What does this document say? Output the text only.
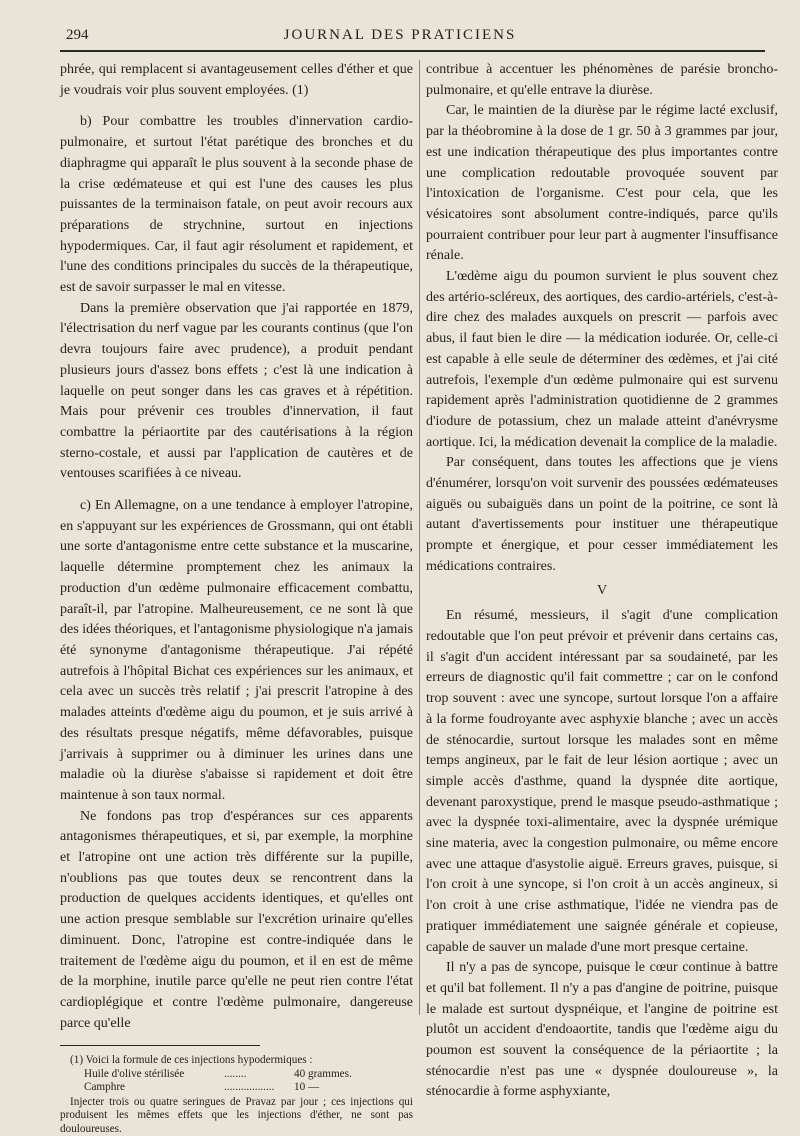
294	JOURNAL DES PRATICIENS

phrée, qui remplacent si avantageusement celles d'éther et que je voudrais voir plus souvent employées. (1)

b) Pour combattre les troubles d'innervation cardio-pulmonaire, et surtout l'état parétique des bronches et du diaphragme qui apparaît le plus souvent à la seconde phase de la crise œdémateuse et qui est l'une des causes les plus puissantes de la terminaison fatale, on peut avoir recours aux préparations de strychnine, surtout en injections hypodermiques. Car, il faut agir résolument et rapidement, et l'une des conditions principales du succès de la thérapeutique, est de savoir surpasser le mal en vitesse.

Dans la première observation que j'ai rapportée en 1879, l'électrisation du nerf vague par les courants continus (que l'on devra toujours faire avec prudence), a produit pendant plusieurs jours d'assez bons effets ; c'est là une indication à laquelle on peut songer dans les cas graves et à répétition. Mais pour prévenir ces troubles d'innervation, il faut combattre la périaortite par des cautérisations à la région sterno-costale, et aussi par l'application de cautères et de ventouses scarifiées à ce niveau.

c) En Allemagne, on a une tendance à employer l'atropine, en s'appuyant sur les expériences de Grossmann, qui ont établi une sorte d'antagonisme entre cette substance et la muscarine, laquelle détermine promptement chez les animaux la production d'un œdème pulmonaire efficacement combattu, paraît-il, par l'atropine. Malheureusement, ce ne sont là que des idées théoriques, et l'antagonisme physiologique n'a jamais été synonyme d'antagonisme thérapeutique. J'ai répété autrefois à l'hôpital Bichat ces expériences sur les animaux, et cela avec un succès très relatif ; j'ai prescrit l'atropine à des malades atteints d'œdème aigu du poumon, et je suis arrivé à des résultats presque négatifs, même défavorables, puisque j'arrivais à supprimer ou à diminuer les urines dans une maladie où la diurèse s'abaisse si rapidement et doit être maintenue à son taux normal.

Ne fondons pas trop d'espérances sur ces apparents antagonismes thérapeutiques, et si, par exemple, la morphine et l'atropine ont une action très différente sur la pupille, n'oublions pas que toutes deux se rencontrent dans la production de quelques accidents identiques, et qu'elles ont une action presque semblable sur l'excrétion urinaire qu'elles diminuent. Donc, l'atropine est contre-indiquée dans le traitement de l'œdème aigu du poumon, et il en est de même de la morphine, inutile parce qu'elle ne peut rien contre l'état cardioplégique et contre l'œdème pulmonaire, dangereuse parce qu'elle

(1) Voici la formule de ces injections hypodermiques :

Huile d'olive stérilisée	........	40 grammes.
Camphre	..................	10 —

Injecter trois ou quatre seringues de Pravaz par jour ; ces injections qui produisent les mêmes effets que les injections d'éther, ne sont pas douloureuses.

contribue à accentuer les phénomènes de parésie broncho-pulmonaire, et qu'elle entrave la diurèse.

Car, le maintien de la diurèse par le régime lacté exclusif, par la théobromine à la dose de 1 gr. 50 à 3 grammes par jour, est une indication thérapeutique des plus importantes contre une complication redoutable provoquée souvent par l'intoxication de l'organisme. C'est pour cela, que les vésicatoires sont absolument contre-indiqués, parce qu'ils pourraient contribuer pour leur part à augmenter l'insuffisance rénale.

L'œdème aigu du poumon survient le plus souvent chez des artério-scléreux, des aortiques, des cardio-artériels, c'est-à-dire chez des malades auxquels on prescrit — parfois avec abus, il faut bien le dire — la médication iodurée. Or, celle-ci est capable à elle seule de déterminer des œdèmes, et j'ai cité autrefois, l'exemple d'un œdème pulmonaire qui est survenu rapidement après l'administration quotidienne de 2 grammes d'iodure de potassium, chez un malade atteint d'anévrysme aortique. Ici, la médication devenait la complice de la maladie.

Par conséquent, dans toutes les affections que je viens d'énumérer, lorsqu'on voit survenir des poussées œdémateuses aiguës ou subaiguës dans un point de la poitrine, ce sont là autant d'avertissements pour instituer une thérapeutique prompte et énergique, et pour cesser immédiatement les médications contraires.

V

En résumé, messieurs, il s'agit d'une complication redoutable que l'on peut prévoir et prévenir dans certains cas, il s'agit d'un accident intéressant par sa soudaineté, par les erreurs de diagnostic qu'il fait commettre ; car on le confond trop souvent : avec une syncope, surtout lorsque l'on a affaire à la forme foudroyante avec asphyxie blanche ; avec un accès de sténocardie, surtout lorsque les malades sont en même temps angineux, par le fait de leur lésion aortique ; avec un simple accès d'asthme, quand la dyspnée dite aortique, devenant paroxystique, prend le masque pseudo-asthmatique ; avec la dyspnée toxi-alimentaire, avec la dyspnée urémique sine materia, avec la congestion pulmonaire, ou même encore avec une attaque d'asystolie aiguë. Erreurs graves, puisque, si l'on croit à une syncope, si l'on croit à un accès angineux, si l'on croit à une crise asthmatique, l'idée ne viendra pas de pratiquer immédiatement une saignée générale et copieuse, capable de sauver un malade d'une mort presque certaine.

Il n'y a pas de syncope, puisque le cœur continue à battre et qu'il bat follement. Il n'y a pas d'angine de poitrine, puisque le malade est surtout dyspnéique, et l'angine de poitrine est plutôt un accident d'endoaortite, tandis que l'œdème aigu du poumon est souvent la conséquence de la périaortite ; la sténocardie n'est pas une « dyspnée douloureuse », la sténocardie à forme asphyxiante,
